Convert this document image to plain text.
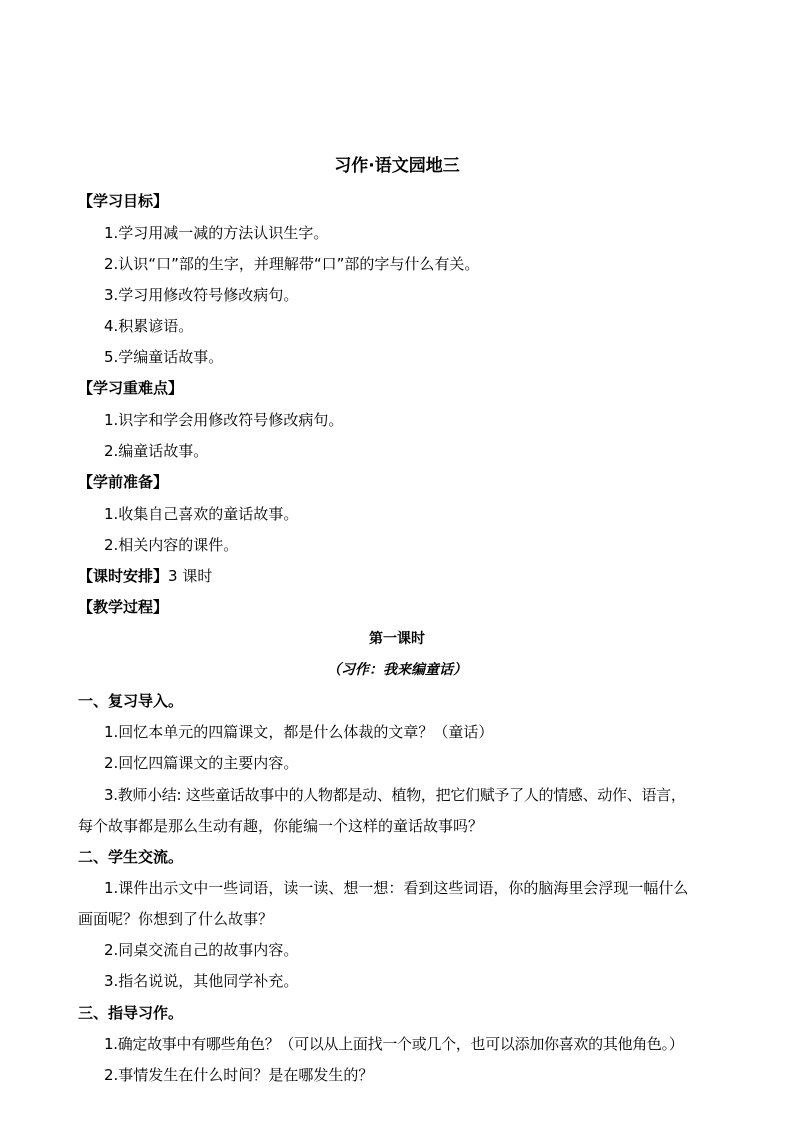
习作·语文园地三
【学习目标】
1.学习用减一减的方法认识生字。
2.认识“口”部的生字，并理解带“口”部的字与什么有关。
3.学习用修改符号修改病句。
4.积累谚语。
5.学编童话故事。
【学习重难点】
1.识字和学会用修改符号修改病句。
2.编童话故事。
【学前准备】
1.收集自己喜欢的童话故事。
2.相关内容的课件。
【课时安排】3 课时
【教学过程】
第一课时
（习作：我来编童话）
一、复习导入。
1.回忆本单元的四篇课文，都是什么体裁的文章？（童话）
2.回忆四篇课文的主要内容。
3.教师小结: 这些童话故事中的人物都是动、植物，把它们赋予了人的情感、动作、语言，
每个故事都是那么生动有趣，你能编一个这样的童话故事吗？
二、学生交流。
1.课件出示文中一些词语，读一读、想一想：看到这些词语，你的脑海里会浮现一幅什么
画面呢？你想到了什么故事？
2.同桌交流自己的故事内容。
3.指名说说，其他同学补充。
三、指导习作。
1.确定故事中有哪些角色？（可以从上面找一个或几个，也可以添加你喜欢的其他角色。）
2.事情发生在什么时间？是在哪发生的？
